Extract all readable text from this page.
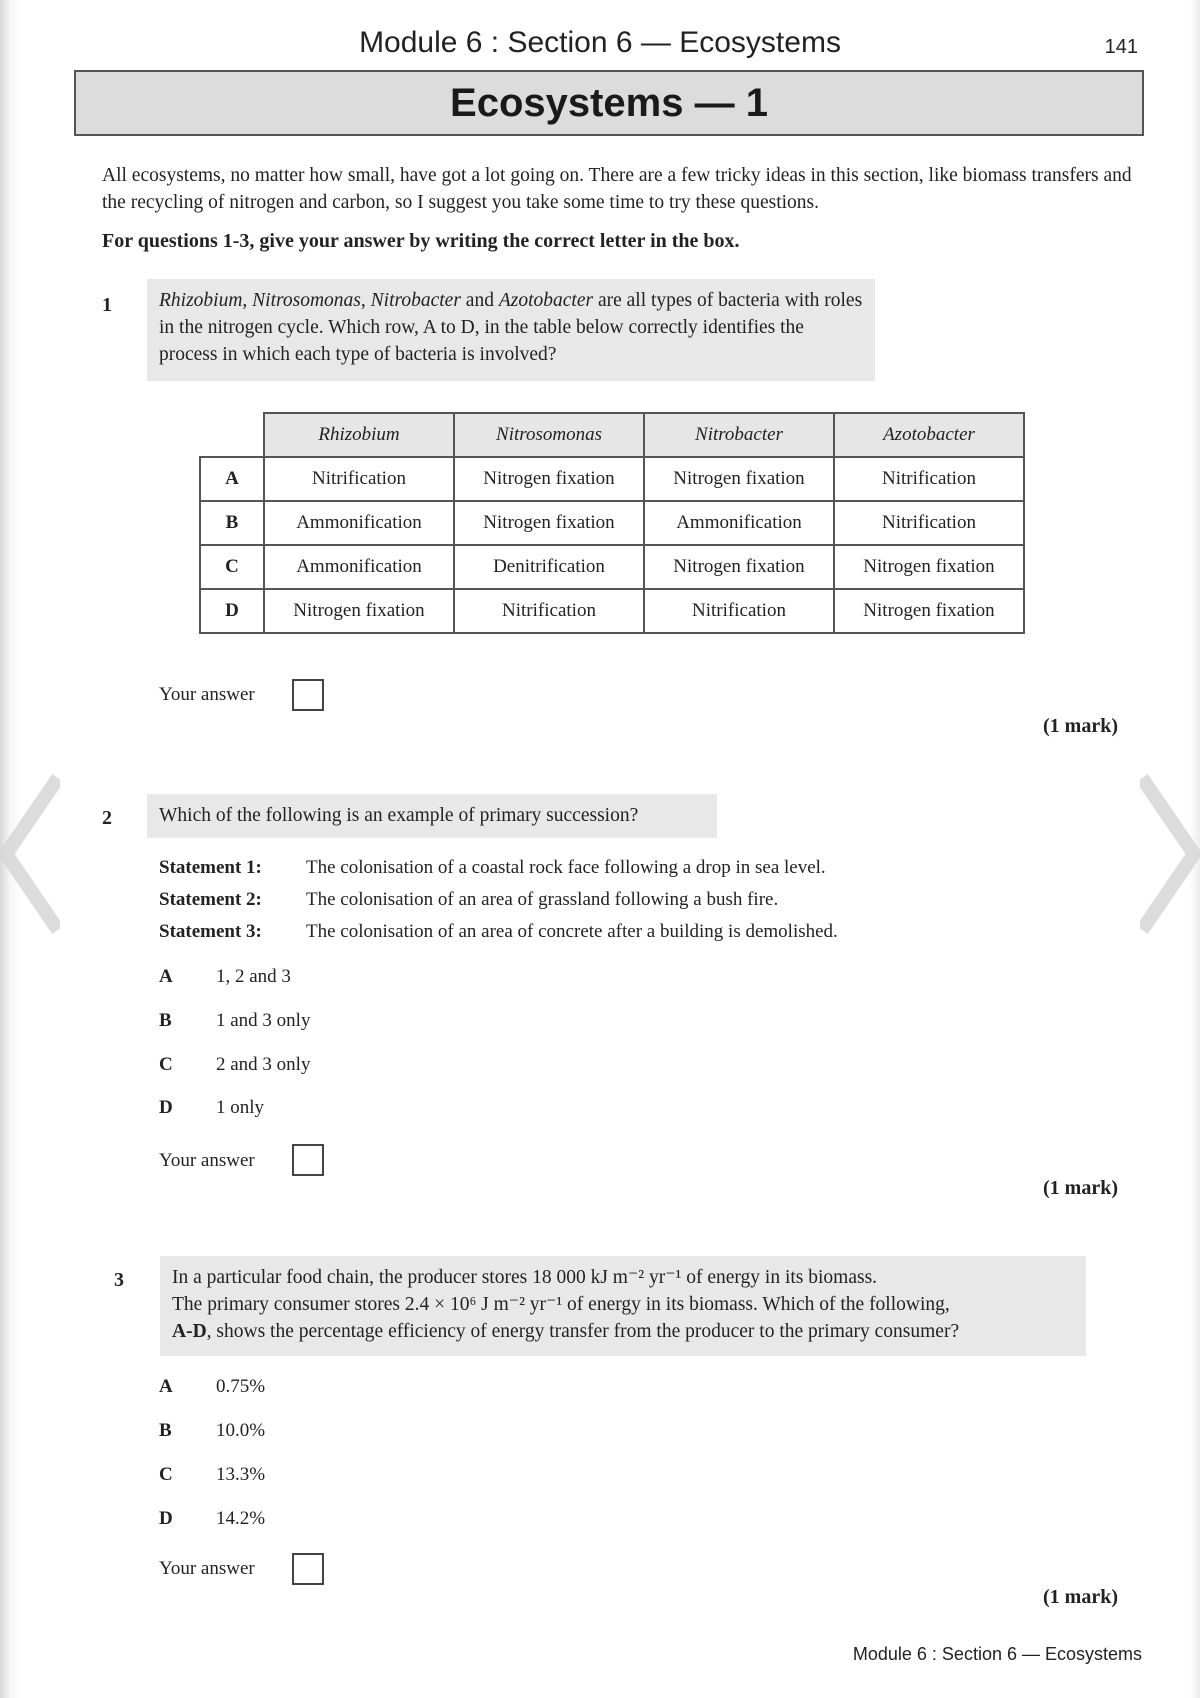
Module 6 : Section 6 — Ecosystems	141
Ecosystems — 1
All ecosystems, no matter how small, have got a lot going on. There are a few tricky ideas in this section, like biomass transfers and the recycling of nitrogen and carbon, so I suggest you take some time to try these questions.
For questions 1-3, give your answer by writing the correct letter in the box.
1	Rhizobium, Nitrosomonas, Nitrobacter and Azotobacter are all types of bacteria with roles in the nitrogen cycle. Which row, A to D, in the table below correctly identifies the process in which each type of bacteria is involved?
	Rhizobium	Nitrosomonas	Nitrobacter	Azotobacter
A	Nitrification	Nitrogen fixation	Nitrogen fixation	Nitrification
B	Ammonification	Nitrogen fixation	Ammonification	Nitrification
C	Ammonification	Denitrification	Nitrogen fixation	Nitrogen fixation
D	Nitrogen fixation	Nitrification	Nitrification	Nitrogen fixation
Your answer
(1 mark)
2	Which of the following is an example of primary succession?
Statement 1: The colonisation of a coastal rock face following a drop in sea level.
Statement 2: The colonisation of an area of grassland following a bush fire.
Statement 3: The colonisation of an area of concrete after a building is demolished.
A 1, 2 and 3
B 1 and 3 only
C 2 and 3 only
D 1 only
Your answer
(1 mark)
3 In a particular food chain, the producer stores 18 000 kJ m⁻² yr⁻¹ of energy in its biomass.
The primary consumer stores 2.4 × 10⁶ J m⁻² yr⁻¹ of energy in its biomass. Which of the following,
A-D, shows the percentage efficiency of energy transfer from the producer to the primary consumer?
A 0.75%
B 10.0%
C 13.3%
D 14.2%
Your answer
(1 mark)
Module 6 : Section 6 — Ecosystems
